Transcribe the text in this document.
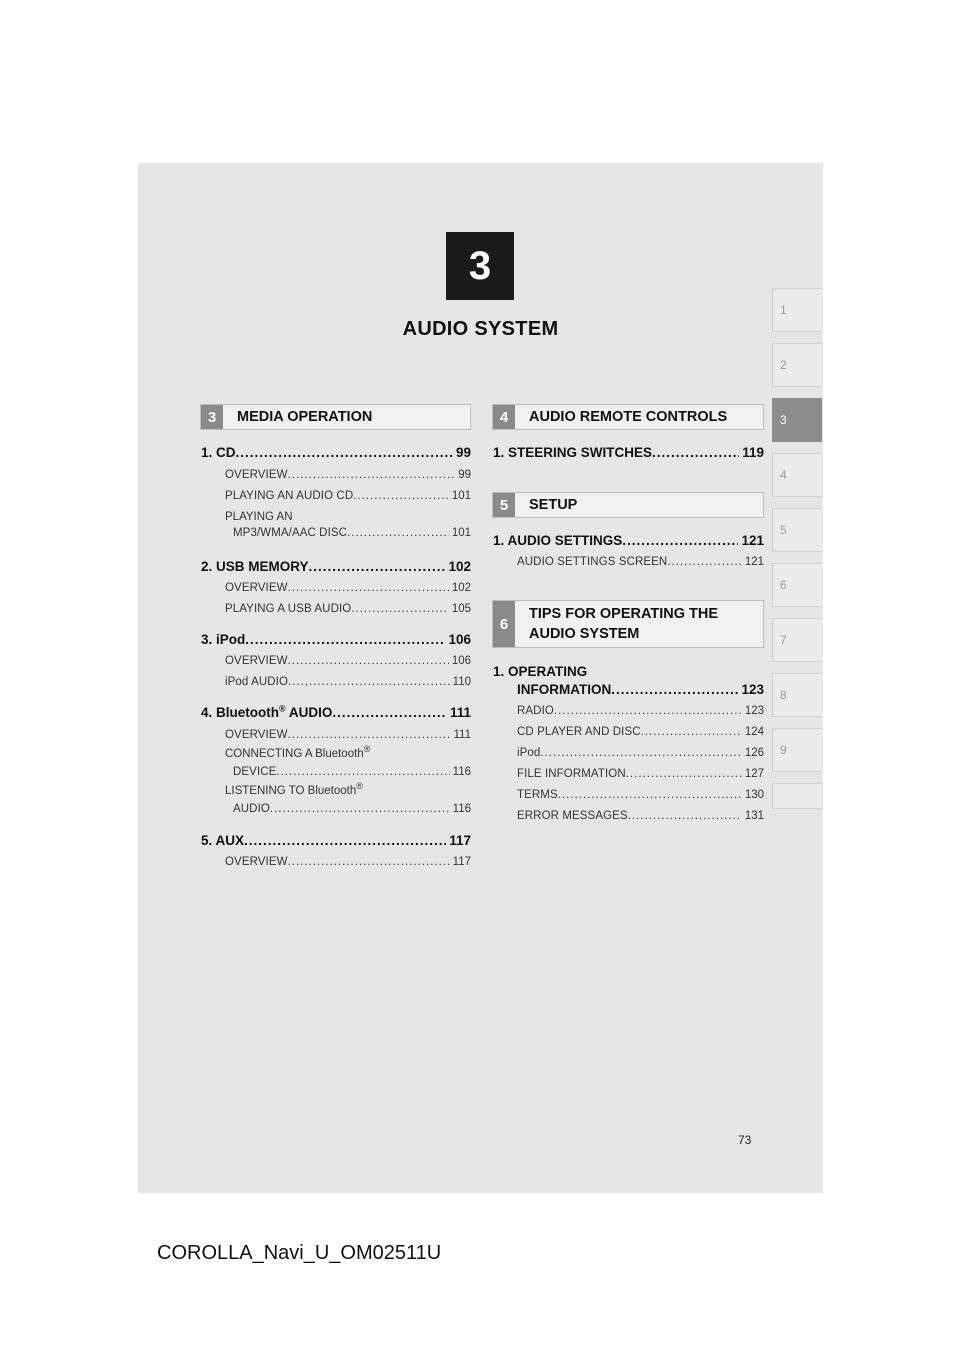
3
AUDIO SYSTEM
1
2
3
4
5
6
7
8
9
3	MEDIA OPERATION
1. CD .....	99
OVERVIEW .....	99
PLAYING AN AUDIO CD .....	101
PLAYING AN
MP3/WMA/AAC DISC .....	101
2. USB MEMORY .....	102
OVERVIEW .....	102
PLAYING A USB AUDIO .....	105
3. iPod .....	106
OVERVIEW .....	106
iPod AUDIO .....	110
4. Bluetooth® AUDIO .....	111
OVERVIEW .....	111
CONNECTING A Bluetooth®
DEVICE .....	116
LISTENING TO Bluetooth®
AUDIO .....	116
5. AUX .....	117
OVERVIEW .....	117
4	AUDIO REMOTE CONTROLS
1. STEERING SWITCHES .....	119
5	SETUP
1. AUDIO SETTINGS .....	121
AUDIO SETTINGS SCREEN .....	121
6
TIPS FOR OPERATING THE
AUDIO SYSTEM
1. OPERATING
INFORMATION .....	123
RADIO .....	123
CD PLAYER AND DISC .....	124
iPod .....	126
FILE INFORMATION .....	127
TERMS .....	130
ERROR MESSAGES .....	131
73
COROLLA_Navi_U_OM02511U
